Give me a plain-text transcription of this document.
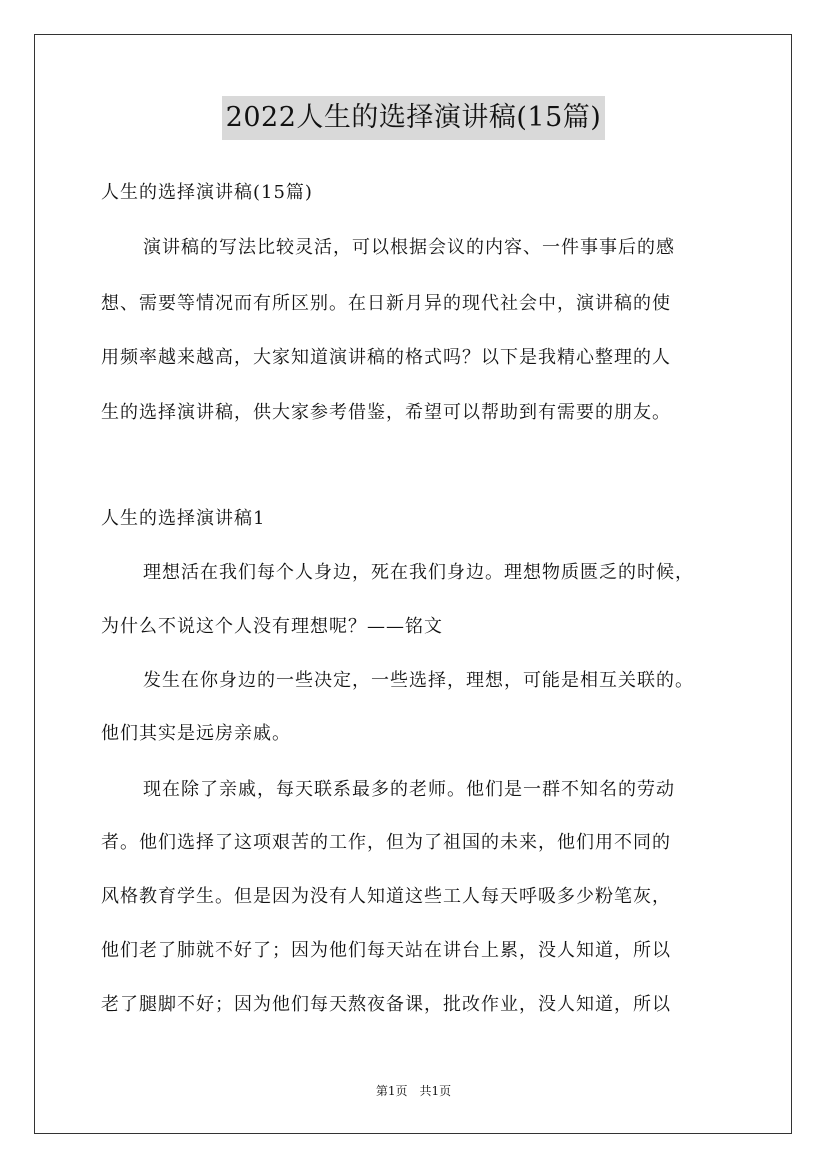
2022人生的选择演讲稿(15篇)

人生的选择演讲稿(15篇)

演讲稿的写法比较灵活，可以根据会议的内容、一件事事后的感

想、需要等情况而有所区别。在日新月异的现代社会中，演讲稿的使

用频率越来越高，大家知道演讲稿的格式吗？以下是我精心整理的人

生的选择演讲稿，供大家参考借鉴，希望可以帮助到有需要的朋友。

人生的选择演讲稿1

理想活在我们每个人身边，死在我们身边。理想物质匮乏的时候，

为什么不说这个人没有理想呢？——铭文

发生在你身边的一些决定，一些选择，理想，可能是相互关联的。

他们其实是远房亲戚。

现在除了亲戚，每天联系最多的老师。他们是一群不知名的劳动

者。他们选择了这项艰苦的工作，但为了祖国的未来，他们用不同的

风格教育学生。但是因为没有人知道这些工人每天呼吸多少粉笔灰，

他们老了肺就不好了；因为他们每天站在讲台上累，没人知道，所以

老了腿脚不好；因为他们每天熬夜备课，批改作业，没人知道，所以

第1页 共1页
